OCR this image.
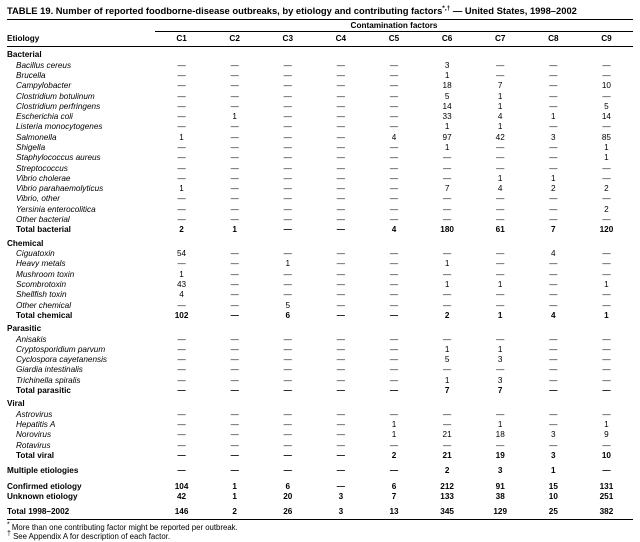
TABLE 19. Number of reported foodborne-disease outbreaks, by etiology and contributing factors*,† — United States, 1998–2002
	Contamination factors								
Etiology	C1	C2	C3	C4	C5	C6	C7	C8	C9
Bacterial									
Bacillus cereus	—	—	—	—	—	3	—	—	—
Brucella	—	—	—	—	—	1	—	—	—
Campylobacter	—	—	—	—	—	18	7	—	10
Clostridium botulinum	—	—	—	—	—	5	1	—	—
Clostridium perfringens	—	—	—	—	—	14	1	—	5
Escherichia coli	—	1	—	—	—	33	4	1	14
Listeria monocytogenes	—	—	—	—	—	1	1	—	—
Salmonella	1	—	—	—	4	97	42	3	85
Shigella	—	—	—	—	—	1	—	—	1
Staphylococcus aureus	—	—	—	—	—	—	—	—	1
Streptococcus	—	—	—	—	—	—	—	—	—
Vibrio cholerae	—	—	—	—	—	—	1	1	—
Vibrio parahaemolyticus	1	—	—	—	—	7	4	2	2
Vibrio, other	—	—	—	—	—	—	—	—	—
Yersinia enterocolitica	—	—	—	—	—	—	—	—	2
Other bacterial	—	—	—	—	—	—	—	—	—
Total bacterial	2	1	—	—	4	180	61	7	120
Chemical									
Ciguatoxin	54	—	—	—	—	—	—	4	—
Heavy metals	—	—	1	—	—	1	—	—	—
Mushroom toxin	1	—	—	—	—	—	—	—	—
Scombrotoxin	43	—	—	—	—	1	1	—	1
Shellfish toxin	4	—	—	—	—	—	—	—	—
Other chemical	—	—	5	—	—	—	—	—	—
Total chemical	102	—	6	—	—	2	1	4	1
Parasitic									
Anisakis	—	—	—	—	—	—	—	—	—
Cryptosporidium parvum	—	—	—	—	—	1	1	—	—
Cyclospora cayetanensis	—	—	—	—	—	5	3	—	—
Giardia intestinalis	—	—	—	—	—	—	—	—	—
Trichinella spiralis	—	—	—	—	—	1	3	—	—
Total parasitic	—	—	—	—	—	7	7	—	—
Viral									
Astrovirus	—	—	—	—	—	—	—	—	—
Hepatitis A	—	—	—	—	1	—	1	—	1
Norovirus	—	—	—	—	1	21	18	3	9
Rotavirus	—	—	—	—	—	—	—	—	—
Total viral	—	—	—	—	2	21	19	3	10

Multiple etiologies	—	—	—	—	—	2	3	1	—

Confirmed etiology	104	1	6	—	6	212	91	15	131
Unknown etiology	42	1	20	3	7	133	38	10	251

Total 1998–2002	146	2	26	3	13	345	129	25	382
* More than one contributing factor might be reported per outbreak.
† See Appendix A for description of each factor.
